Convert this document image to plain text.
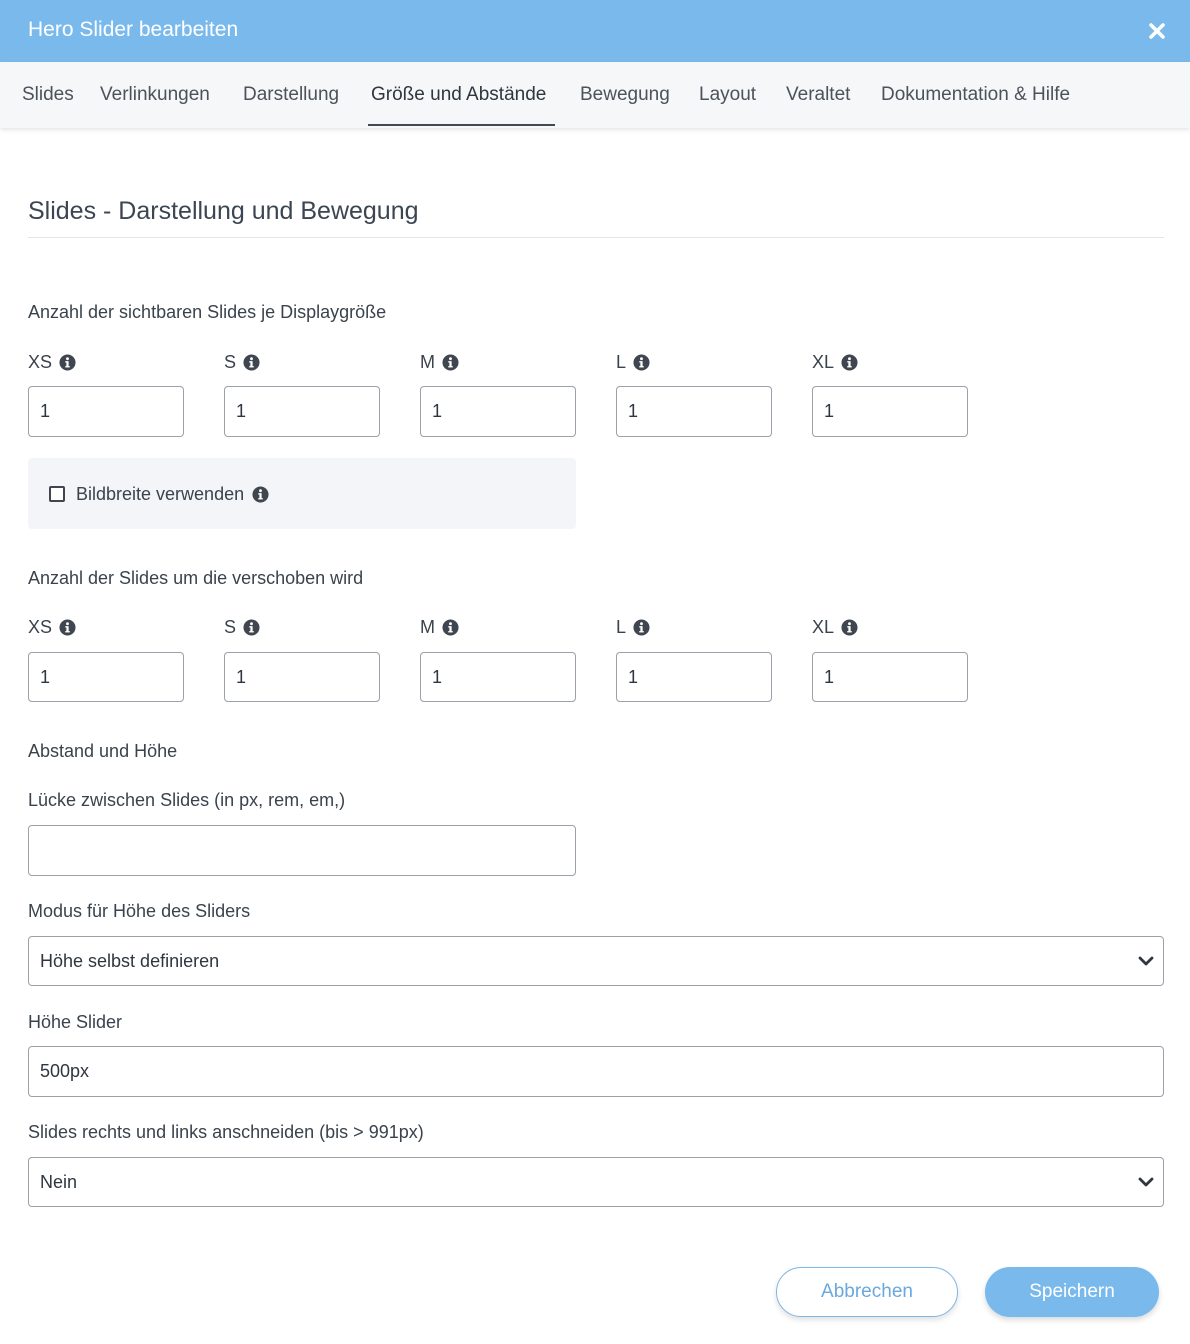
Hero Slider bearbeiten
Slides Verlinkungen Darstellung Größe und Abstände Bewegung Layout Veraltet Dokumentation & Hilfe
Slides - Darstellung und Bewegung
Anzahl der sichtbaren Slides je Displaygröße
XS	S	M	L	XL
1	1	1	1	1
Bildbreite verwenden
Anzahl der Slides um die verschoben wird
XS	S	M	L	XL
1	1	1	1	1
Abstand und Höhe
Lücke zwischen Slides (in px, rem, em,)
Modus für Höhe des Sliders
Höhe selbst definieren
Höhe Slider
500px
Slides rechts und links anschneiden (bis > 991px)
Nein
Abbrechen	Speichern
